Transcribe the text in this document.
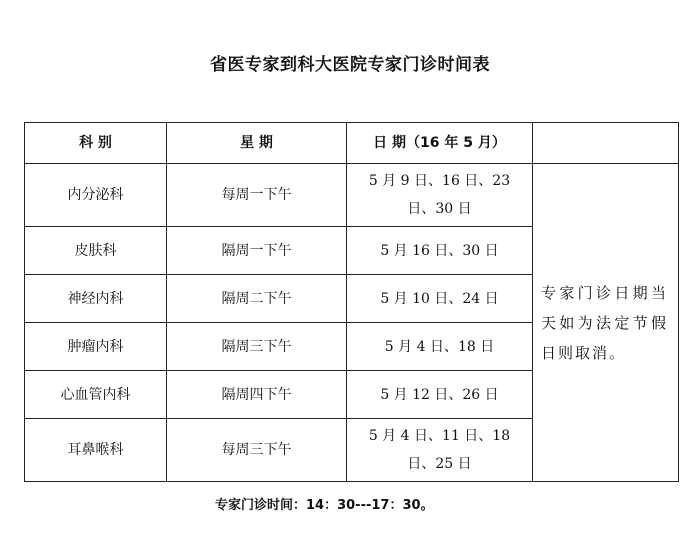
省医专家到科大医院专家门诊时间表
科 别	星 期	日 期（16 年 5 月）	
内分泌科	每周一下午	5 月 9 日、16 日、23 日、30 日	专家门诊日期当天如为法定节假日则取消。
皮肤科	隔周一下午	5 月 16 日、30 日	
神经内科	隔周二下午	5 月 10 日、24 日	
肿瘤内科	隔周三下午	5 月 4 日、18 日	
心血管内科	隔周四下午	5 月 12 日、26 日	
耳鼻喉科	每周三下午	5 月 4 日、11 日、18 日、25 日	
专家门诊时间：14：30---17：30。
